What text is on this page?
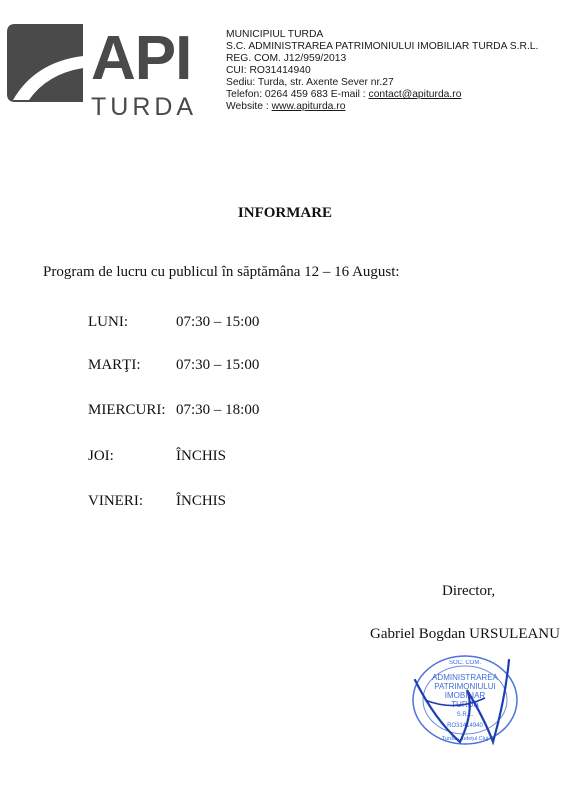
API
TURDA
MUNICIPIUL TURDA
S.C. ADMINISTRAREA PATRIMONIULUI IMOBILIAR TURDA S.R.L.
REG. COM. J12/959/2013
CUI: RO31414940
Sediu: Turda, str. Axente Sever nr.27
Telefon: 0264 459 683 E-mail : contact@apiturda.ro
Website : www.apiturda.ro
INFORMARE
Program de lucru cu publicul în săptămâna 12 – 16 August:
LUNI:	07:30 – 15:00
MARŢI: 07:30 – 15:00
MIERCURI: 07:30 – 18:00
JOI:	ÎNCHIS
VINERI: ÎNCHIS
Director,
Gabriel Bogdan URSULEANU
SOC. COM.
ADMINISTRAREA
PATRIMONIULUI
IMOBILIAR
TURDA
S.R.L.
RO31414940
Turda · judeţul Cluj
